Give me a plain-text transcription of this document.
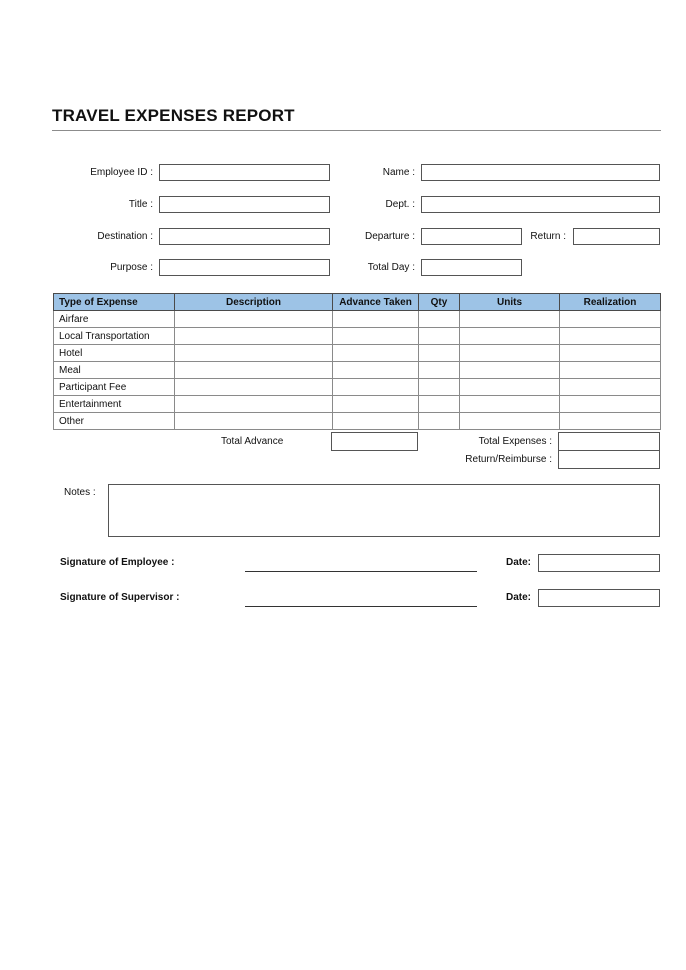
TRAVEL EXPENSES REPORT
Employee ID :	Name :
Title :	Dept. :
Destination :	Departure :	Return :
Purpose :	Total Day :
Type of Expense	Description	Advance Taken	Qty	Units	Realization
Airfare					
Local Transportation					
Hotel					
Meal					
Participant Fee					
Entertainment					
Other					
Total Advance	Total Expenses :
Return/Reimburse :
Notes :
Signature of Employee :	Date:
Signature of Supervisor :	Date:
